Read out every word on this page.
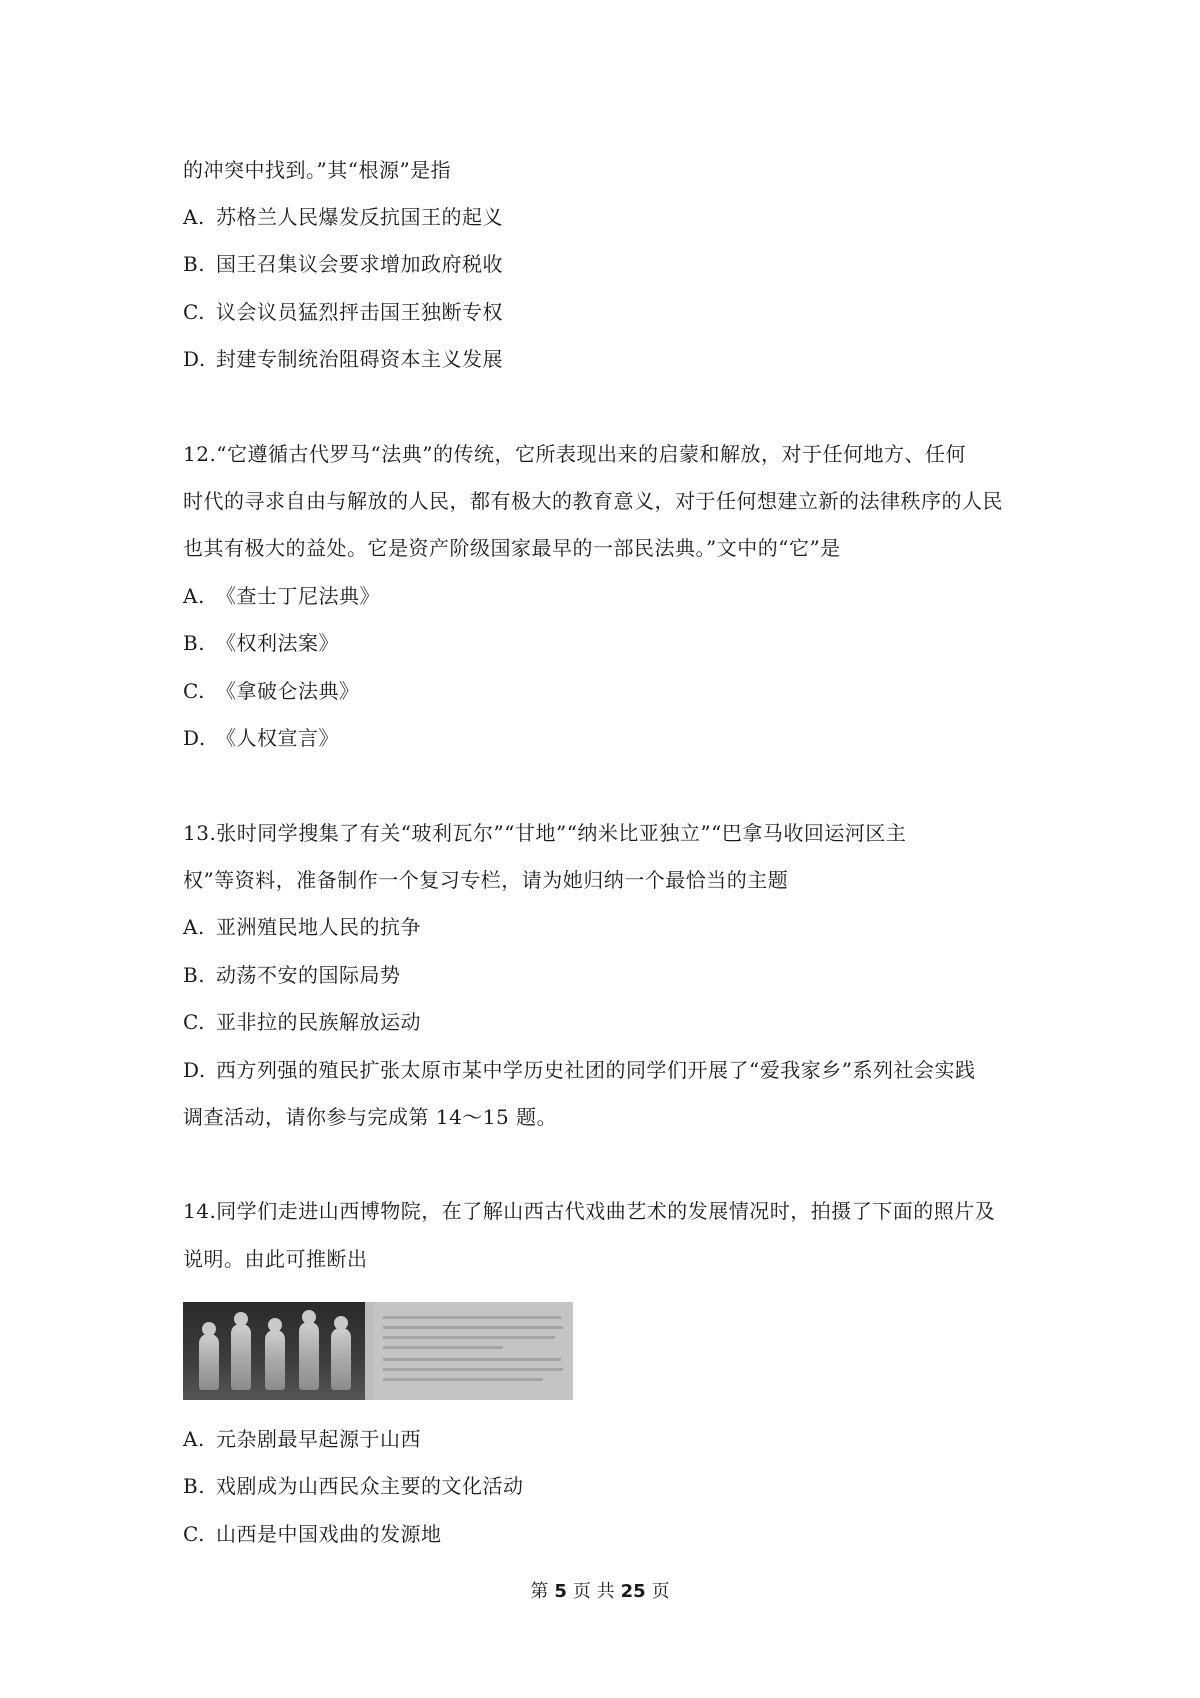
的冲突中找到。”其“根源”是指
A. 苏格兰人民爆发反抗国王的起义
B. 国王召集议会要求增加政府税收
C. 议会议员猛烈抨击国王独断专权
D. 封建专制统治阻碍资本主义发展
12.“它遵循古代罗马“法典”的传统，它所表现出来的启蒙和解放，对于任何地方、任何
时代的寻求自由与解放的人民，都有极大的教育意义，对于任何想建立新的法律秩序的人民
也其有极大的益处。它是资产阶级国家最早的一部民法典。”文中的“它”是
A. 《查士丁尼法典》
B. 《权利法案》
C. 《拿破仑法典》
D. 《人权宣言》
13.张时同学搜集了有关“玻利瓦尔”“甘地”“纳米比亚独立”“巴拿马收回运河区主
权”等资料，准备制作一个复习专栏，请为她归纳一个最恰当的主题
A. 亚洲殖民地人民的抗争
B. 动荡不安的国际局势
C. 亚非拉的民族解放运动
D. 西方列强的殖民扩张太原市某中学历史社团的同学们开展了“爱我家乡”系列社会实践
调查活动，请你参与完成第 14～15 题。
14.同学们走进山西博物院，在了解山西古代戏曲艺术的发展情况时，拍摄了下面的照片及
说明。由此可推断出
A. 元杂剧最早起源于山西
B. 戏剧成为山西民众主要的文化活动
C. 山西是中国戏曲的发源地
第 5 页 共 25 页
